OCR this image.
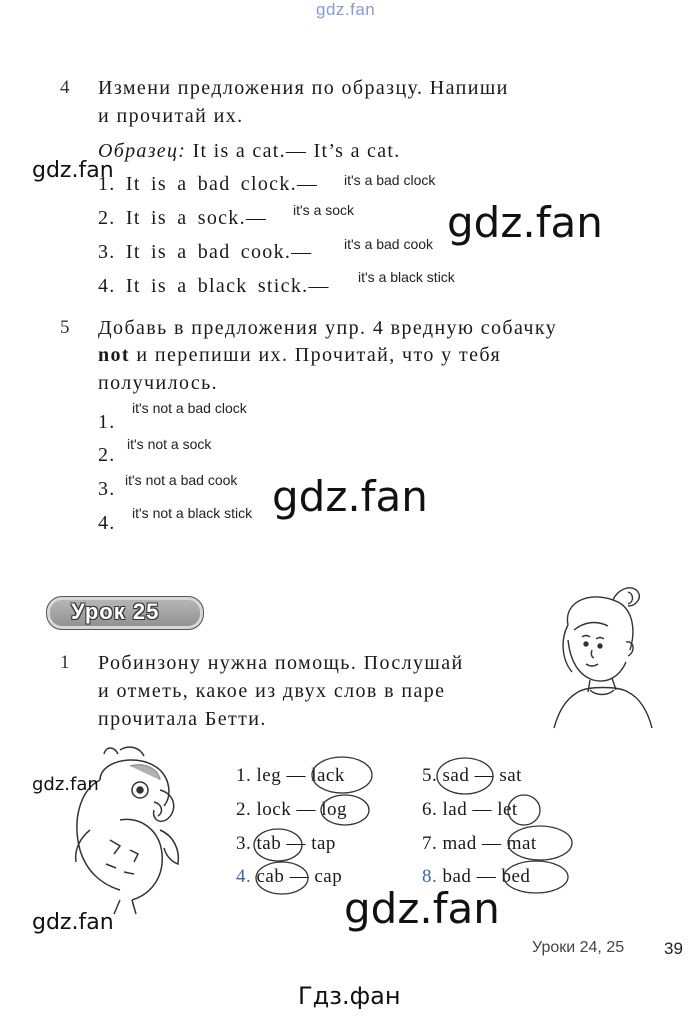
gdz.fan
4 Измени предложения по образцу. Напиши
и прочитай их.
Образец: It is a cat.— It’s a cat.
gdz.fan
1. It is a bad clock.— it's a bad clock
2. It is a sock.— it's a sock gdz.fan
3. It is a bad cook.— it's a bad cook
4. It is a black stick.— it's a black stick
5 Добавь в предложения упр. 4 вредную собачку
not и перепиши их. Прочитай, что у тебя
получилось.
1.
it's not a bad clock
2. it's not a sock
3. it's not a bad cook gdz.fan
4. it's not a black stick
Урок 25
1 Робинзону нужна помощь. Послушай
и отметь, какое из двух слов в паре
прочитала Бетти.
gdz.fan	1. leg — lack
2. lock — log
3. tab — tap
4. cab — cap
5. sad — sat
6. lad — let
7. mad — mat
8. bad — bed
gdz.fan
gdz.fan
Уроки 24, 25 39
Гдз.фан
